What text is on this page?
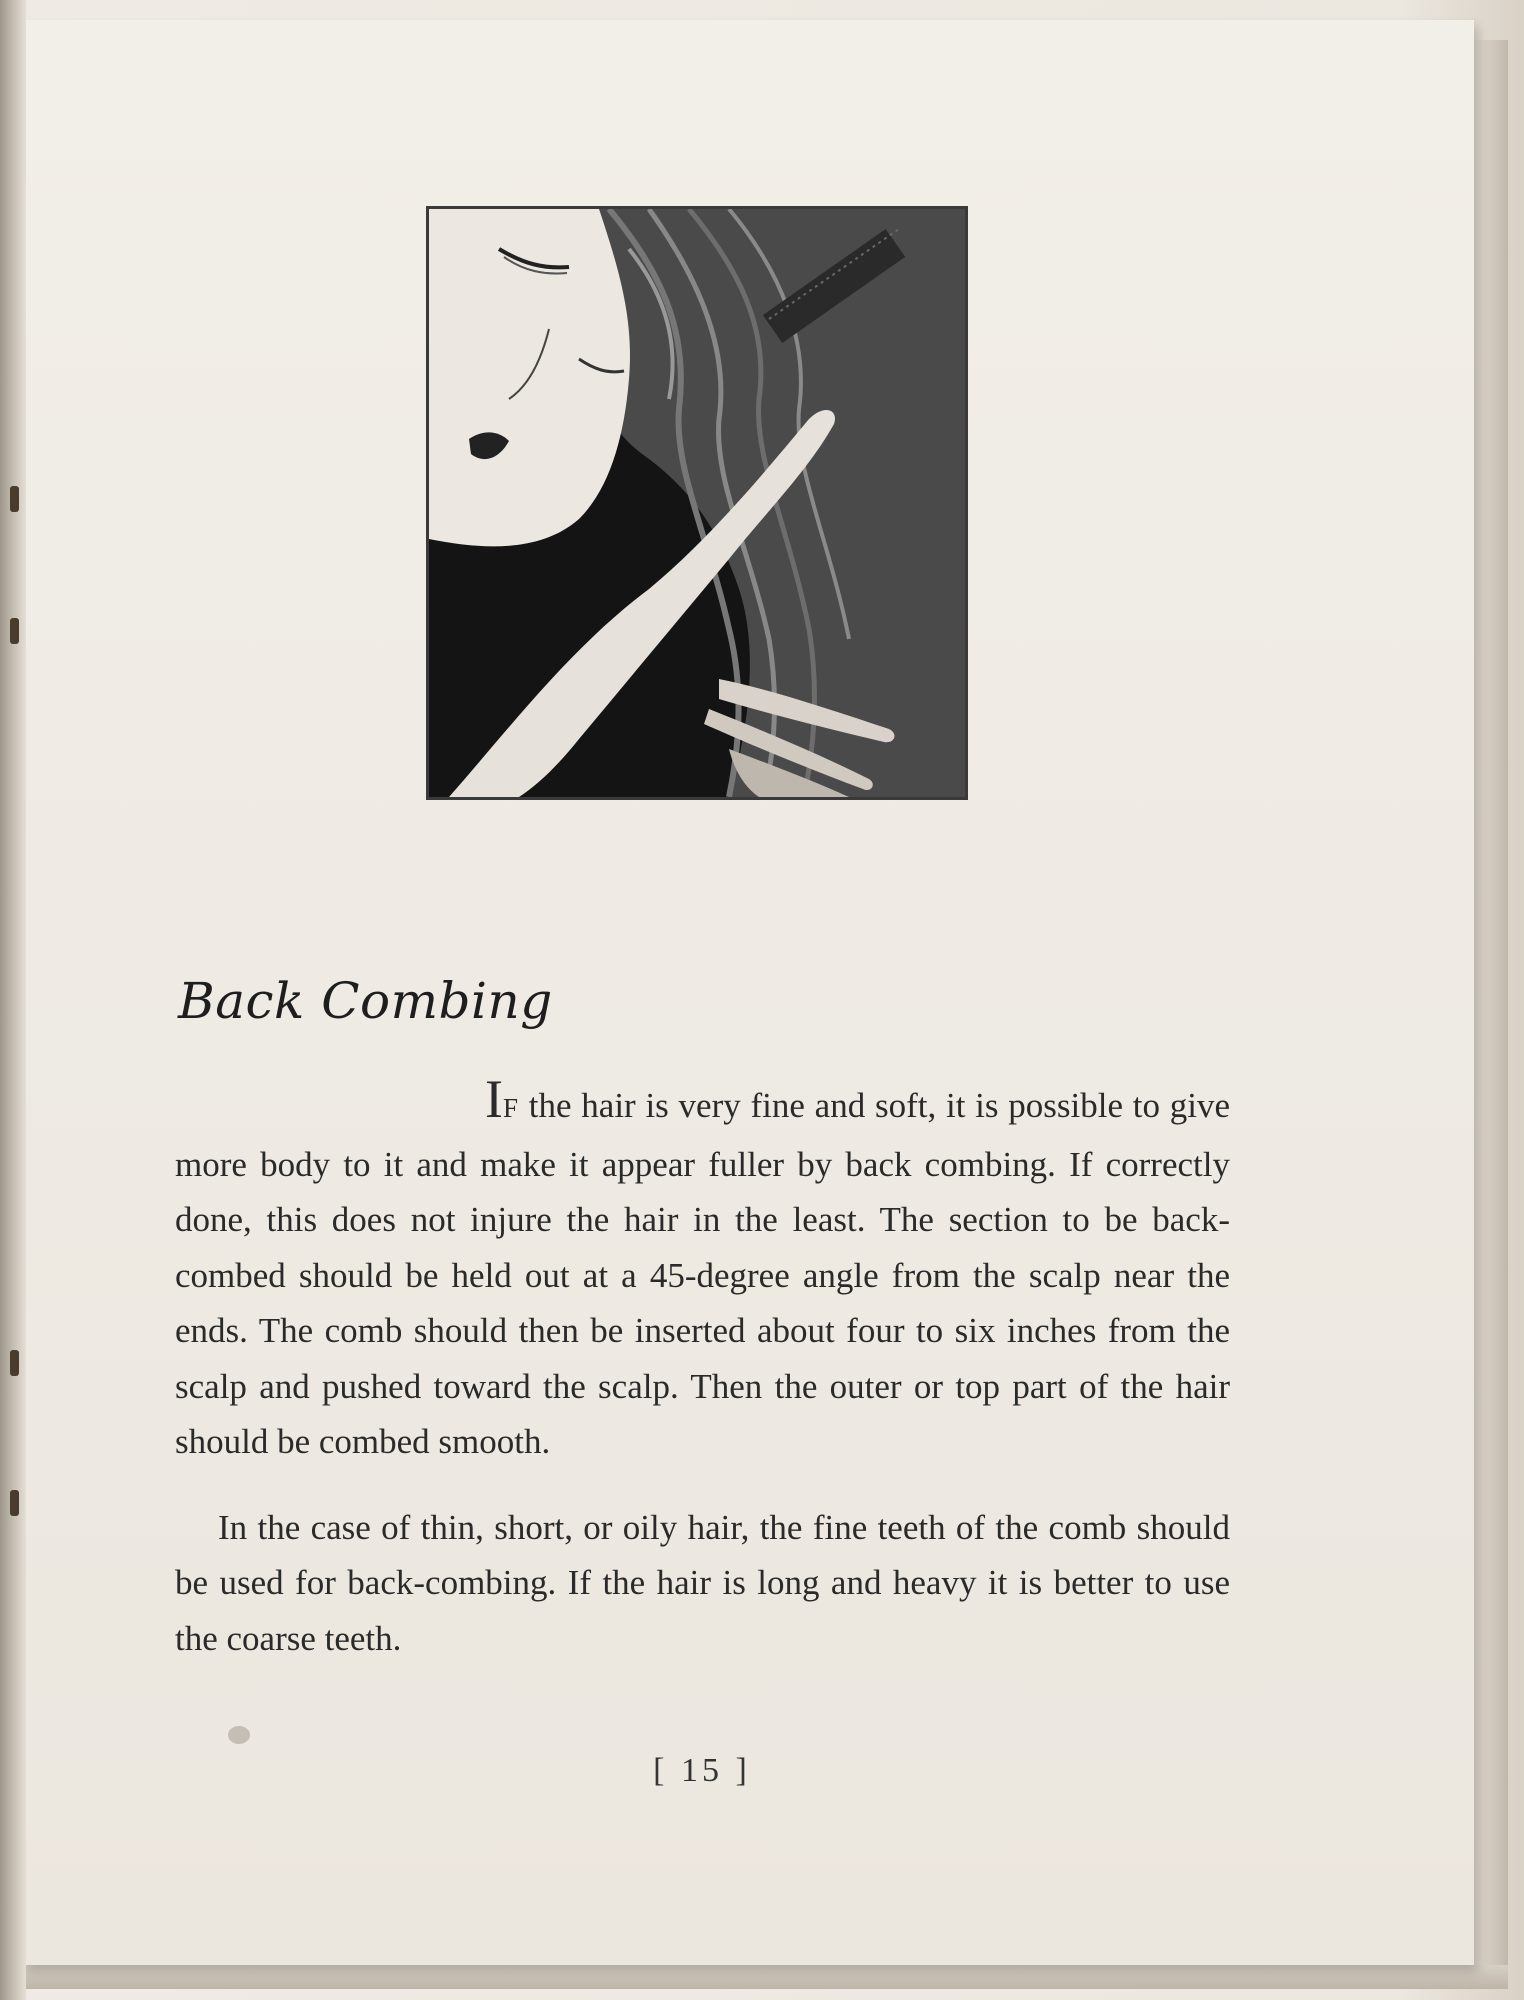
Back Combing

IF the hair is very fine and soft, it is possible to give more body to it and make it appear fuller by back combing. If correctly done, this does not injure the hair in the least. The section to be back-combed should be held out at a 45-degree angle from the scalp near the ends. The comb should then be inserted about four to six inches from the scalp and pushed toward the scalp. Then the outer or top part of the hair should be combed smooth.

In the case of thin, short, or oily hair, the fine teeth of the comb should be used for back-combing. If the hair is long and heavy it is better to use the coarse teeth.

[ 15 ]
